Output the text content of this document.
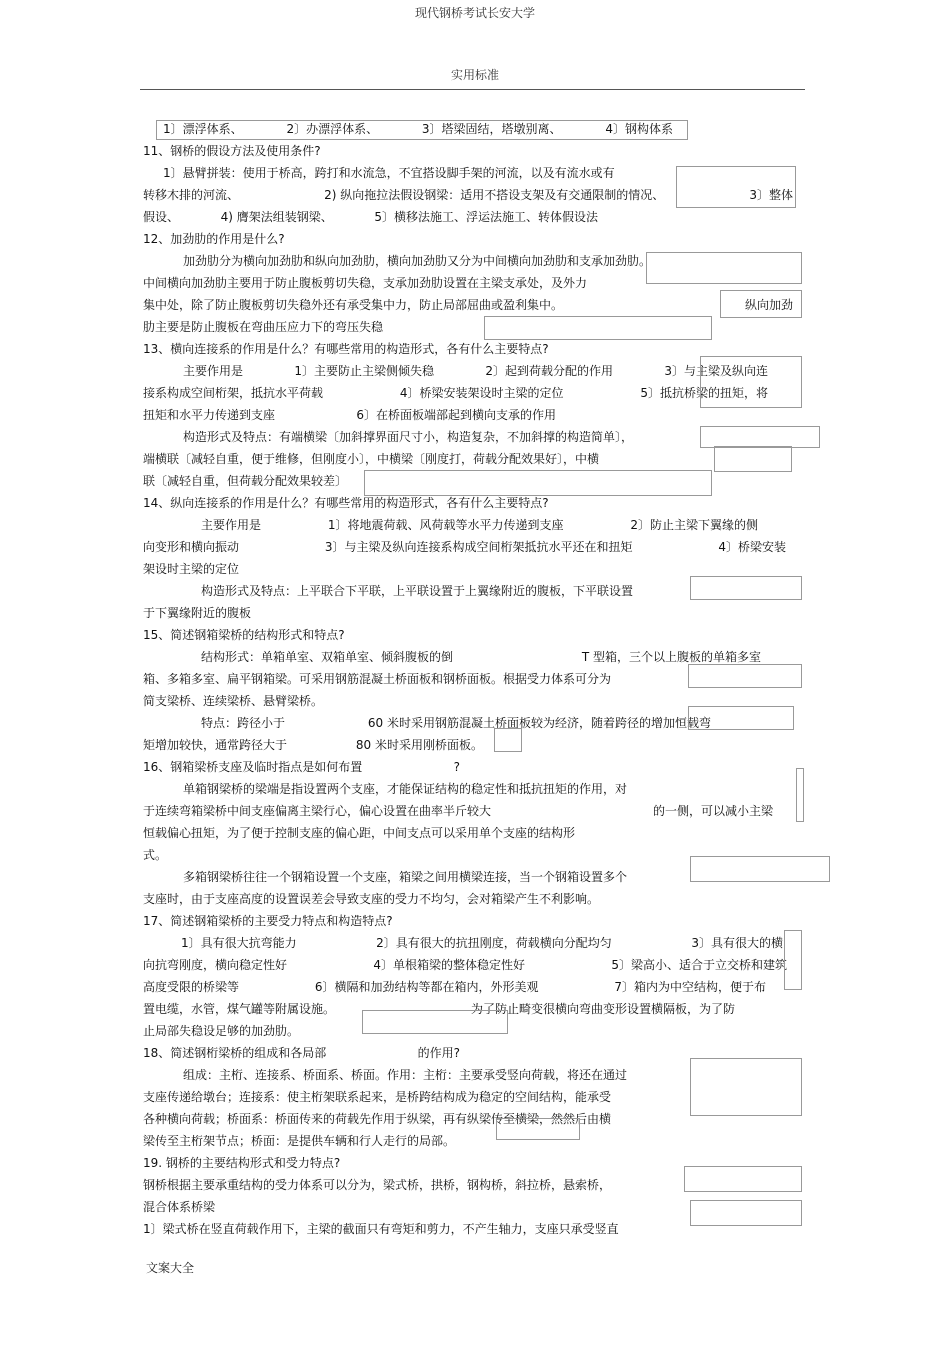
现代钢桥考试长安大学
实用标准
1〕漂浮体系、	2〕办漂浮体系、	3〕塔梁固结，塔墩别离、	4〕钢构体系
11、钢桥的假设方法及使用条件?
1〕悬臂拼装：使用于桥高，跨打和水流急，不宜搭设脚手架的河流，以及有流水或有
转移木排的河流、	2) 纵向拖拉法假设钢梁：适用不搭设支架及有交通限制的情况、	3〕整体
假设、	4) 膺架法组装钢梁、	5〕横移法施工、浮运法施工、转体假设法
12、加劲肋的作用是什么?
加劲肋分为横向加劲肋和纵向加劲肋，横向加劲肋又分为中间横向加劲肋和支承加劲肋。
中间横向加劲肋主要用于防止腹板剪切失稳，支承加劲肋设置在主梁支承处，及外力
集中处，除了防止腹板剪切失稳外还有承受集中力，防止局部屈曲或盈利集中。	纵向加劲
肋主要是防止腹板在弯曲压应力下的弯压失稳
13、横向连接系的作用是什么？有哪些常用的构造形式，各有什么主要特点?
主要作用是	1〕主要防止主梁侧倾失稳	2〕起到荷载分配的作用	3〕与主梁及纵向连
接系构成空间桁架，抵抗水平荷载	4〕桥梁安装架设时主梁的定位	5〕抵抗桥梁的扭矩，将
扭矩和水平力传递到支座	6〕在桥面板端部起到横向支承的作用
构造形式及特点：有端横梁〔加斜撑界面尺寸小，构造复杂，不加斜撑的构造简单〕，
端横联〔减轻自重，便于维修，但刚度小〕，中横梁〔刚度打，荷载分配效果好〕，中横
联〔减轻自重，但荷载分配效果较差〕
14、纵向连接系的作用是什么？有哪些常用的构造形式，各有什么主要特点?
主要作用是	1〕将地震荷载、风荷载等水平力传递到支座	2〕防止主梁下翼缘的侧
向变形和横向振动	3〕与主梁及纵向连接系构成空间桁架抵抗水平还在和扭矩	4〕桥梁安装
架设时主梁的定位
构造形式及特点：上平联合下平联，上平联设置于上翼缘附近的腹板，下平联设置
于下翼缘附近的腹板
15、简述钢箱梁桥的结构形式和特点?
结构形式：单箱单室、双箱单室、倾斜腹板的倒	T 型箱，三个以上腹板的单箱多室
箱、多箱多室、扁平钢箱梁。可采用钢筋混凝土桥面板和钢桥面板。根据受力体系可分为
简支梁桥、连续梁桥、悬臂梁桥。
特点：跨径小于	60 米时采用钢筋混凝土桥面板较为经济，随着跨径的增加恒载弯
矩增加较快，通常跨径大于	80 米时采用刚桥面板。
16、钢箱梁桥支座及临时指点是如何布置	?
单箱钢梁桥的梁端是指设置两个支座，才能保证结构的稳定性和抵抗扭矩的作用，对
于连续弯箱梁桥中间支座偏离主梁行心，偏心设置在曲率半斤较大	的一侧，可以减小主梁
恒载偏心扭矩，为了便于控制支座的偏心距，中间支点可以采用单个支座的结构形
式。
多箱钢梁桥往往一个钢箱设置一个支座，箱梁之间用横梁连接，当一个钢箱设置多个
支座时，由于支座高度的设置误差会导致支座的受力不均匀，会对箱梁产生不利影响。
17、简述钢箱梁桥的主要受力特点和构造特点?
1〕具有很大抗弯能力	2〕具有很大的抗扭刚度，荷载横向分配均匀	3〕具有很大的横
向抗弯刚度，横向稳定性好	4〕单根箱梁的整体稳定性好	5〕梁高小、适合于立交桥和建筑
高度受限的桥梁等	6〕横隔和加劲结构等都在箱内，外形美观	7〕箱内为中空结构，便于布
置电缆，水管，煤气罐等附属设施。	为了防止畸变很横向弯曲变形设置横隔板，为了防
止局部失稳设足够的加劲肋。
18、简述钢桁梁桥的组成和各局部	的作用?
组成：主桁、连接系、桥面系、桥面。作用：主桁：主要承受竖向荷载，将还在通过
支座传递给墩台；连接系：使主桁架联系起来，是桥跨结构成为稳定的空间结构，能承受
各种横向荷载；桥面系：桥面传来的荷载先作用于纵梁，再有纵梁传至横梁，然然后由横
梁传至主桁架节点；桥面：是提供车辆和行人走行的局部。
19. 钢桥的主要结构形式和受力特点?
钢桥根据主要承重结构的受力体系可以分为，梁式桥，拱桥，钢构桥，斜拉桥，悬索桥，
混合体系桥梁
1〕梁式桥在竖直荷载作用下，主梁的截面只有弯矩和剪力，不产生轴力，支座只承受竖直
文案大全
